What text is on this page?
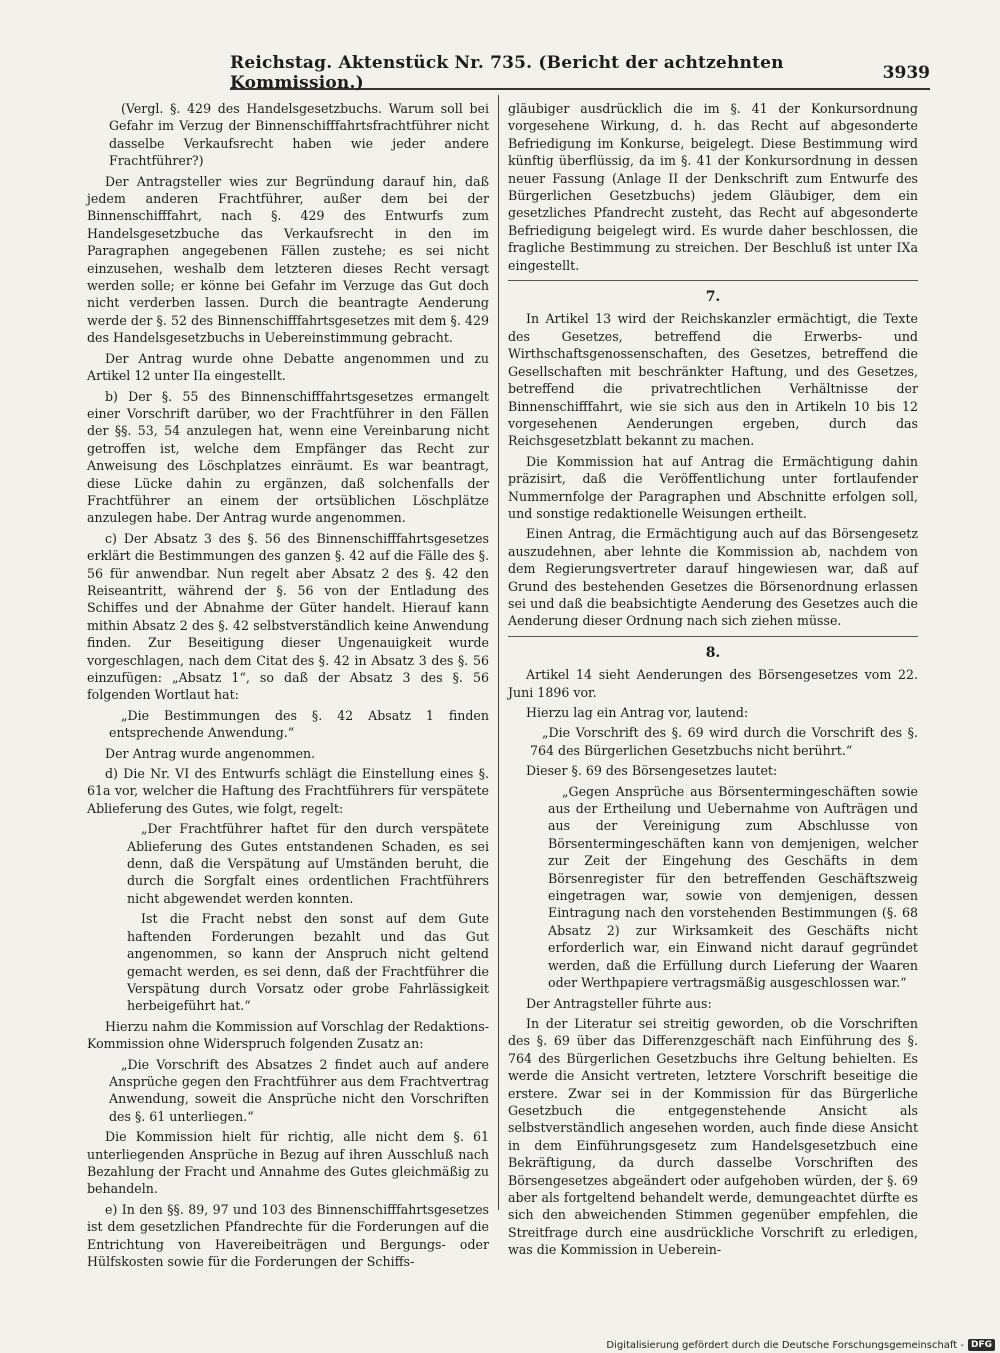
Reichstag. Aktenstück Nr. 735. (Bericht der achtzehnten Kommission.)	3939

(Vergl. §. 429 des Handelsgesetzbuchs. Warum soll bei Gefahr im Verzug der Binnenschifffahrtsfrachtführer nicht dasselbe Verkaufsrecht haben wie jeder andere Frachtführer?)

Der Antragsteller wies zur Begründung darauf hin, daß jedem anderen Frachtführer, außer dem bei der Binnenschifffahrt, nach §. 429 des Entwurfs zum Handelsgesetzbuche das Verkaufsrecht in den im Paragraphen angegebenen Fällen zustehe; es sei nicht einzusehen, weshalb dem letzteren dieses Recht versagt werden solle; er könne bei Gefahr im Verzuge das Gut doch nicht verderben lassen. Durch die beantragte Aenderung werde der §. 52 des Binnenschifffahrtsgesetzes mit dem §. 429 des Handelsgesetzbuchs in Uebereinstimmung gebracht.

Der Antrag wurde ohne Debatte angenommen und zu Artikel 12 unter IIa eingestellt.

b) Der §. 55 des Binnenschifffahrtsgesetzes ermangelt einer Vorschrift darüber, wo der Frachtführer in den Fällen der §§. 53, 54 anzulegen hat, wenn eine Vereinbarung nicht getroffen ist, welche dem Empfänger das Recht zur Anweisung des Löschplatzes einräumt. Es war beantragt, diese Lücke dahin zu ergänzen, daß solchenfalls der Frachtführer an einem der ortsüblichen Löschplätze anzulegen habe. Der Antrag wurde angenommen.

c) Der Absatz 3 des §. 56 des Binnenschifffahrtsgesetzes erklärt die Bestimmungen des ganzen §. 42 auf die Fälle des §. 56 für anwendbar. Nun regelt aber Absatz 2 des §. 42 den Reiseantritt, während der §. 56 von der Entladung des Schiffes und der Abnahme der Güter handelt. Hierauf kann mithin Absatz 2 des §. 42 selbstverständlich keine Anwendung finden. Zur Beseitigung dieser Ungenauigkeit wurde vorgeschlagen, nach dem Citat des §. 42 in Absatz 3 des §. 56 einzufügen: „Absatz 1“, so daß der Absatz 3 des §. 56 folgenden Wortlaut hat:

„Die Bestimmungen des §. 42 Absatz 1 finden entsprechende Anwendung.“

Der Antrag wurde angenommen.

d) Die Nr. VI des Entwurfs schlägt die Einstellung eines §. 61a vor, welcher die Haftung des Frachtführers für verspätete Ablieferung des Gutes, wie folgt, regelt:

„Der Frachtführer haftet für den durch verspätete Ablieferung des Gutes entstandenen Schaden, es sei denn, daß die Verspätung auf Umständen beruht, die durch die Sorgfalt eines ordentlichen Frachtführers nicht abgewendet werden konnten.

Ist die Fracht nebst den sonst auf dem Gute haftenden Forderungen bezahlt und das Gut angenommen, so kann der Anspruch nicht geltend gemacht werden, es sei denn, daß der Frachtführer die Verspätung durch Vorsatz oder grobe Fahrlässigkeit herbeigeführt hat.“

Hierzu nahm die Kommission auf Vorschlag der Redaktions-Kommission ohne Widerspruch folgenden Zusatz an:

„Die Vorschrift des Absatzes 2 findet auch auf andere Ansprüche gegen den Frachtführer aus dem Frachtvertrag Anwendung, soweit die Ansprüche nicht den Vorschriften des §. 61 unterliegen.“

Die Kommission hielt für richtig, alle nicht dem §. 61 unterliegenden Ansprüche in Bezug auf ihren Ausschluß nach Bezahlung der Fracht und Annahme des Gutes gleichmäßig zu behandeln.

e) In den §§. 89, 97 und 103 des Binnenschifffahrtsgesetzes ist dem gesetzlichen Pfandrechte für die Forderungen auf die Entrichtung von Havereibeiträgen und Bergungs- oder Hülfskosten sowie für die Forderungen der Schiffs-

gläubiger ausdrücklich die im §. 41 der Konkursordnung vorgesehene Wirkung, d. h. das Recht auf abgesonderte Befriedigung im Konkurse, beigelegt. Diese Bestimmung wird künftig überflüssig, da im §. 41 der Konkursordnung in dessen neuer Fassung (Anlage II der Denkschrift zum Entwurfe des Bürgerlichen Gesetzbuchs) jedem Gläubiger, dem ein gesetzliches Pfandrecht zusteht, das Recht auf abgesonderte Befriedigung beigelegt wird. Es wurde daher beschlossen, die fragliche Bestimmung zu streichen. Der Beschluß ist unter IXa eingestellt.

7.

In Artikel 13 wird der Reichskanzler ermächtigt, die Texte des Gesetzes, betreffend die Erwerbs- und Wirthschaftsgenossenschaften, des Gesetzes, betreffend die Gesellschaften mit beschränkter Haftung, und des Gesetzes, betreffend die privatrechtlichen Verhältnisse der Binnenschifffahrt, wie sie sich aus den in Artikeln 10 bis 12 vorgesehenen Aenderungen ergeben, durch das Reichsgesetzblatt bekannt zu machen.

Die Kommission hat auf Antrag die Ermächtigung dahin präzisirt, daß die Veröffentlichung unter fortlaufender Nummernfolge der Paragraphen und Abschnitte erfolgen soll, und sonstige redaktionelle Weisungen ertheilt.

Einen Antrag, die Ermächtigung auch auf das Börsengesetz auszudehnen, aber lehnte die Kommission ab, nachdem von dem Regierungsvertreter darauf hingewiesen war, daß auf Grund des bestehenden Gesetzes die Börsenordnung erlassen sei und daß die beabsichtigte Aenderung des Gesetzes auch die Aenderung dieser Ordnung nach sich ziehen müsse.

8.

Artikel 14 sieht Aenderungen des Börsengesetzes vom 22. Juni 1896 vor.

Hierzu lag ein Antrag vor, lautend:

„Die Vorschrift des §. 69 wird durch die Vorschrift des §. 764 des Bürgerlichen Gesetzbuchs nicht berührt.“

Dieser §. 69 des Börsengesetzes lautet:

„Gegen Ansprüche aus Börsentermingeschäften sowie aus der Ertheilung und Uebernahme von Aufträgen und aus der Vereinigung zum Abschlusse von Börsentermingeschäften kann von demjenigen, welcher zur Zeit der Eingehung des Geschäfts in dem Börsenregister für den betreffenden Geschäftszweig eingetragen war, sowie von demjenigen, dessen Eintragung nach den vorstehenden Bestimmungen (§. 68 Absatz 2) zur Wirksamkeit des Geschäfts nicht erforderlich war, ein Einwand nicht darauf gegründet werden, daß die Erfüllung durch Lieferung der Waaren oder Werthpapiere vertragsmäßig ausgeschlossen war.“

Der Antragsteller führte aus:

In der Literatur sei streitig geworden, ob die Vorschriften des §. 69 über das Differenzgeschäft nach Einführung des §. 764 des Bürgerlichen Gesetzbuchs ihre Geltung behielten. Es werde die Ansicht vertreten, letztere Vorschrift beseitige die erstere. Zwar sei in der Kommission für das Bürgerliche Gesetzbuch die entgegenstehende Ansicht als selbstverständlich angesehen worden, auch finde diese Ansicht in dem Einführungsgesetz zum Handelsgesetzbuch eine Bekräftigung, da durch dasselbe Vorschriften des Börsengesetzes abgeändert oder aufgehoben würden, der §. 69 aber als fortgeltend behandelt werde, demungeachtet dürfte es sich den abweichenden Stimmen gegenüber empfehlen, die Streitfrage durch eine ausdrückliche Vorschrift zu erledigen, was die Kommission in Ueberein-

Digitalisierung gefördert durch die Deutsche Forschungsgemeinschaft - DFG
